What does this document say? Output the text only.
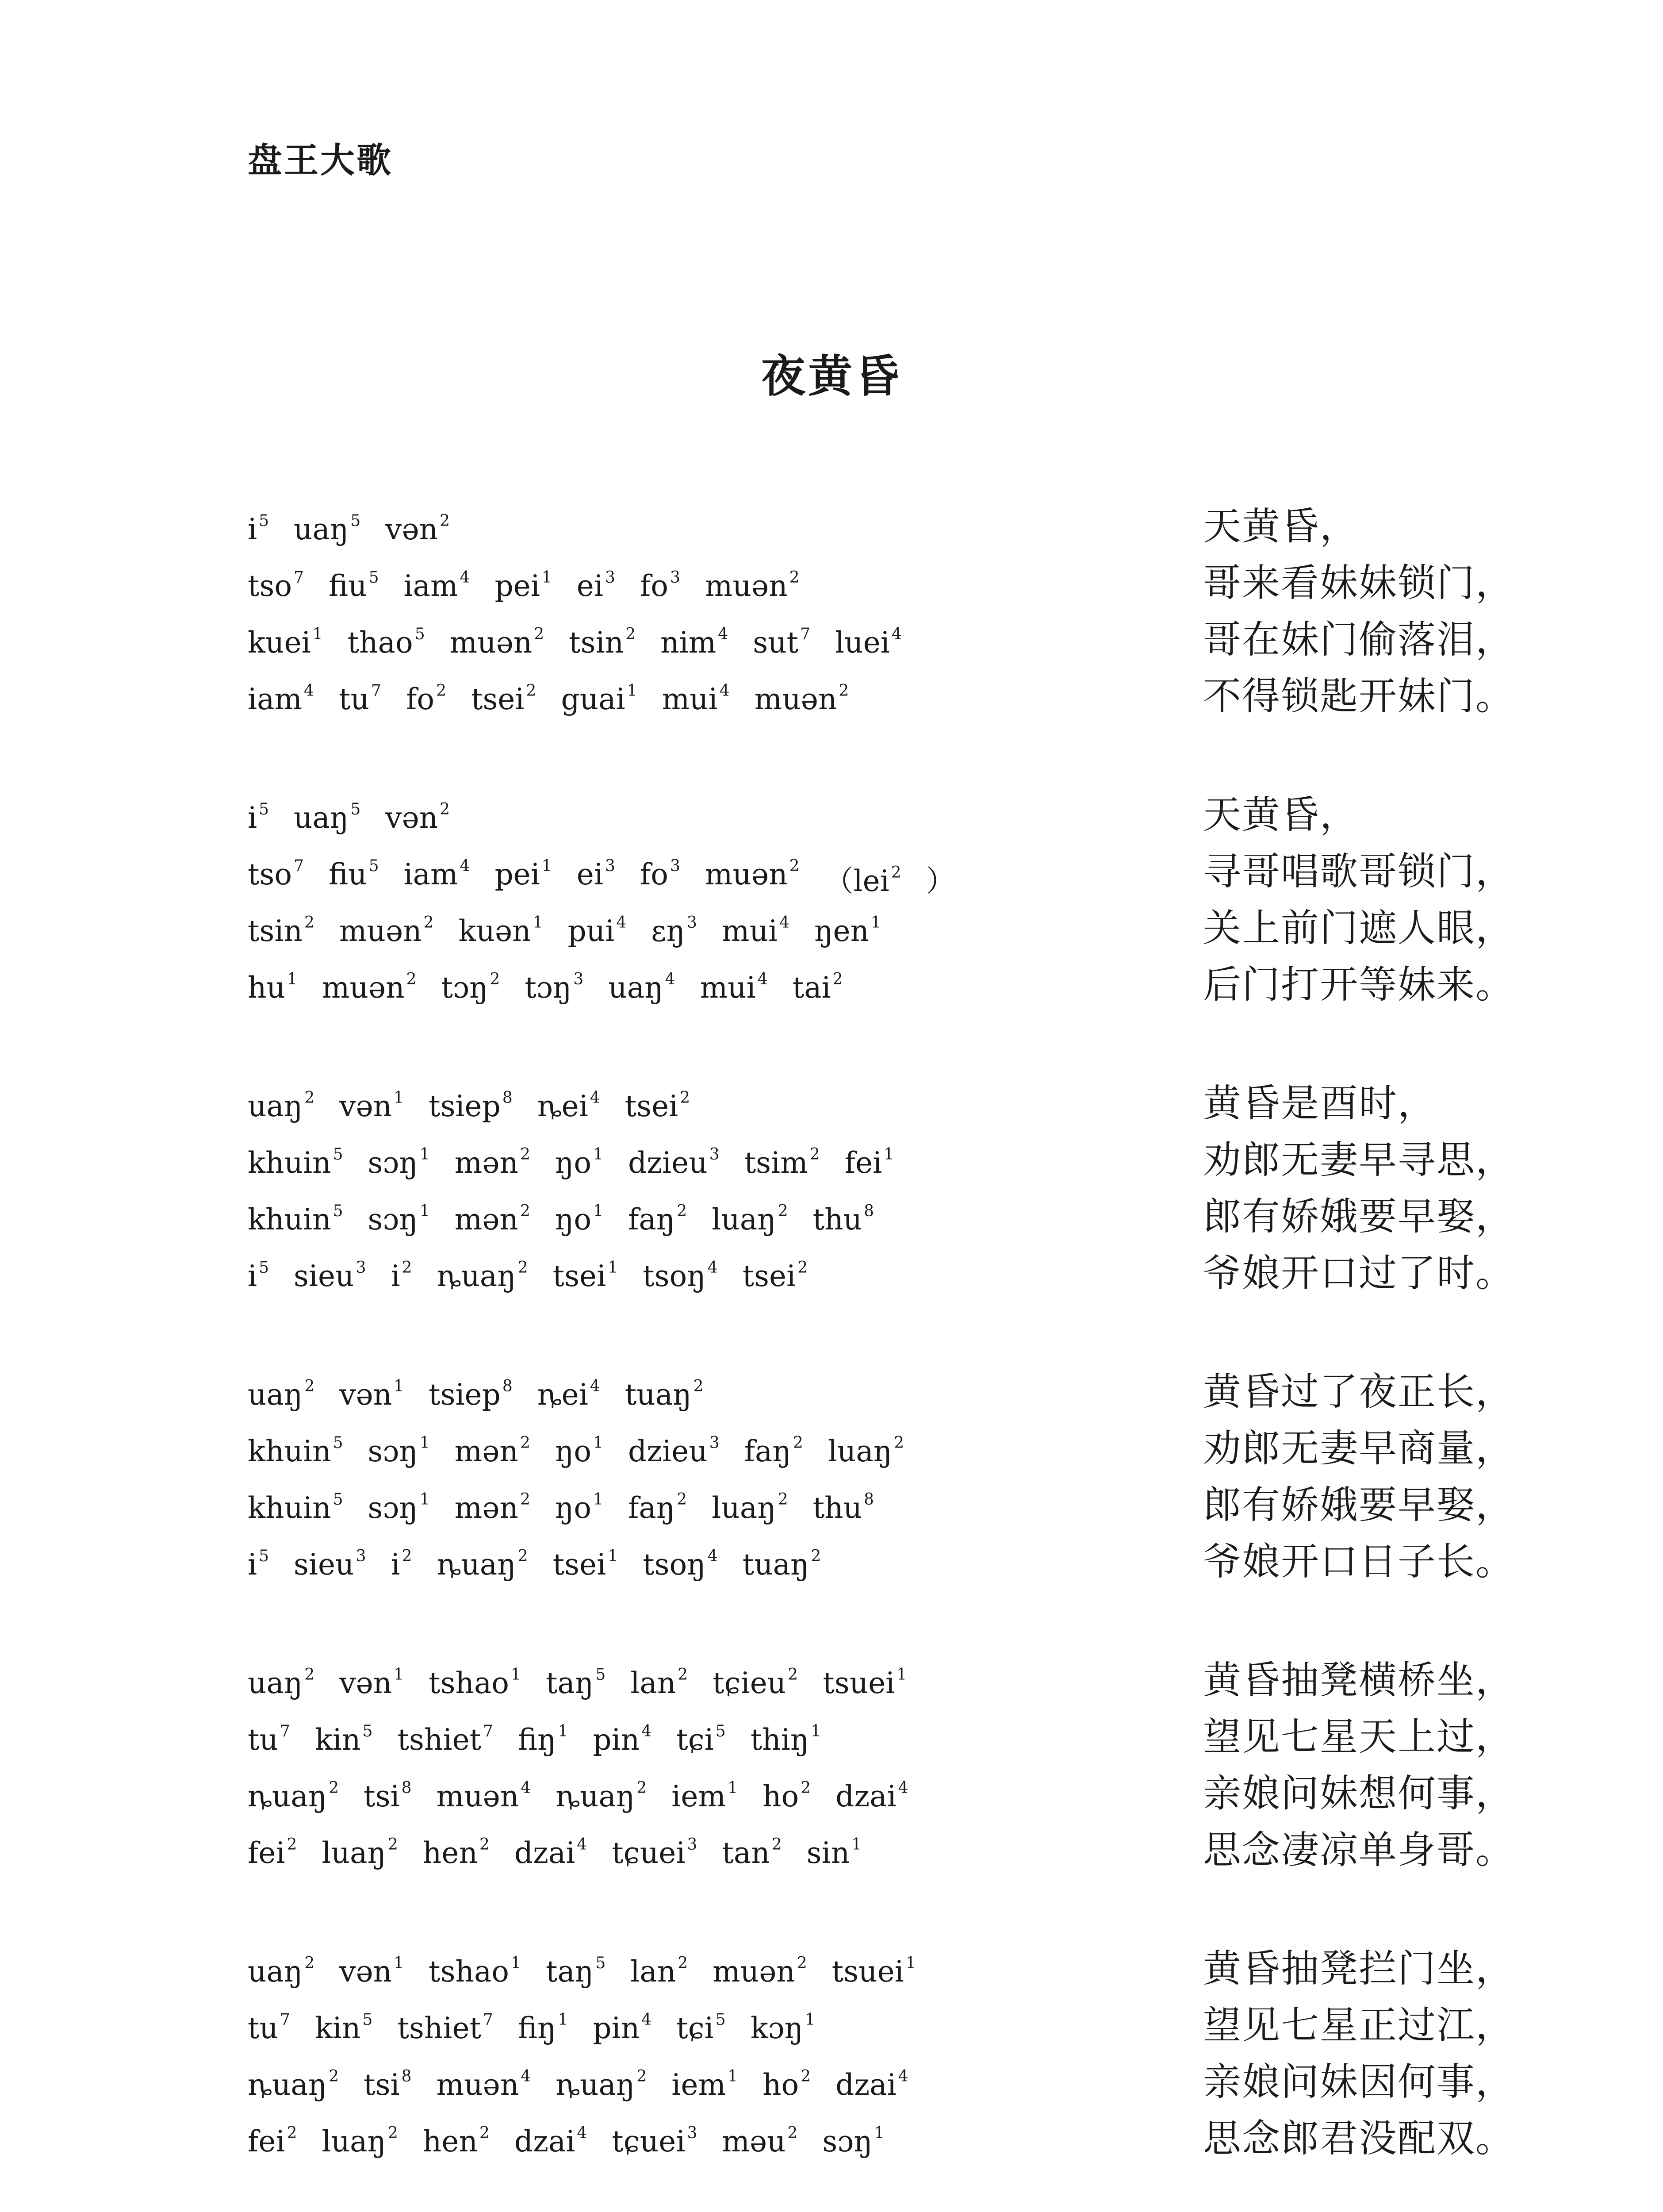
盘王大歌
夜黄昏
i $^5$ uaŋ $^5$ vən $^2$	天黄昏，
tso $^7$ fiu $^5$ iam $^4$ pei $^1$ ei $^3$ fo $^3$ muən $^2$	哥来看妹妹锁门，
kuei $^1$ thao $^5$ muən $^2$ tsin $^2$ nim $^4$ sut $^7$ luei $^4$	哥在妹门偷落泪，
iam $^4$ tu $^7$ fo $^2$ tsei $^2$ guai $^1$ mui $^4$ muən $^2$	不得锁匙开妹门。
i $^5$ uaŋ $^5$ vən $^2$	天黄昏，
tso $^7$ fiu $^5$ iam $^4$ pei $^1$ ei $^3$ fo $^3$ muən $^2$ （lei $^2$ ）	寻哥唱歌哥锁门，
tsin $^2$ muən $^2$ kuən $^1$ pui $^4$ ɛŋ $^3$ mui $^4$ ŋen $^1$	关上前门遮人眼，
hu $^1$ muən $^2$ tɔŋ $^2$ tɔŋ $^3$ uaŋ $^4$ mui $^4$ tai $^2$	后门打开等妹来。
uaŋ $^2$ vən $^1$ tsiep $^8$ ȵei $^4$ tsei $^2$	黄昏是酉时，
khuin $^5$ sɔŋ $^1$ mən $^2$ ŋo $^1$ dzieu $^3$ tsim $^2$ fei $^1$	劝郎无妻早寻思，
khuin $^5$ sɔŋ $^1$ mən $^2$ ŋo $^1$ faŋ $^2$ luaŋ $^2$ thu $^8$	郎有娇娥要早娶，
i $^5$ sieu $^3$ i $^2$ ȵuaŋ $^2$ tsei $^1$ tsoŋ $^4$ tsei $^2$	爷娘开口过了时。
uaŋ $^2$ vən $^1$ tsiep $^8$ ȵei $^4$ tuaŋ $^2$	黄昏过了夜正长，
khuin $^5$ sɔŋ $^1$ mən $^2$ ŋo $^1$ dzieu $^3$ faŋ $^2$ luaŋ $^2$	劝郎无妻早商量，
khuin $^5$ sɔŋ $^1$ mən $^2$ ŋo $^1$ faŋ $^2$ luaŋ $^2$ thu $^8$	郎有娇娥要早娶，
i $^5$ sieu $^3$ i $^2$ ȵuaŋ $^2$ tsei $^1$ tsoŋ $^4$ tuaŋ $^2$	爷娘开口日子长。
uaŋ $^2$ vən $^1$ tshao $^1$ taŋ $^5$ lan $^2$ tɕieu $^2$ tsuei $^1$	黄昏抽凳横桥坐，
tu $^7$ kin $^5$ tshiet $^7$ fiŋ $^1$ pin $^4$ tɕi $^5$ thiŋ $^1$	望见七星天上过，
ȵuaŋ $^2$ tsi $^8$ muən $^4$ ȵuaŋ $^2$ iem $^1$ ho $^2$ dzai $^4$	亲娘问妹想何事，
fei $^2$ luaŋ $^2$ hen $^2$ dzai $^4$ tɕuei $^3$ tan $^2$ sin $^1$	思念凄凉单身哥。
uaŋ $^2$ vən $^1$ tshao $^1$ taŋ $^5$ lan $^2$ muən $^2$ tsuei $^1$	黄昏抽凳拦门坐，
tu $^7$ kin $^5$ tshiet $^7$ fiŋ $^1$ pin $^4$ tɕi $^5$ kɔŋ $^1$	望见七星正过江，
ȵuaŋ $^2$ tsi $^8$ muən $^4$ ȵuaŋ $^2$ iem $^1$ ho $^2$ dzai $^4$	亲娘问妹因何事，
fei $^2$ luaŋ $^2$ hen $^2$ dzai $^4$ tɕuei $^3$ məu $^2$ sɔŋ $^1$	思念郎君没配双。
